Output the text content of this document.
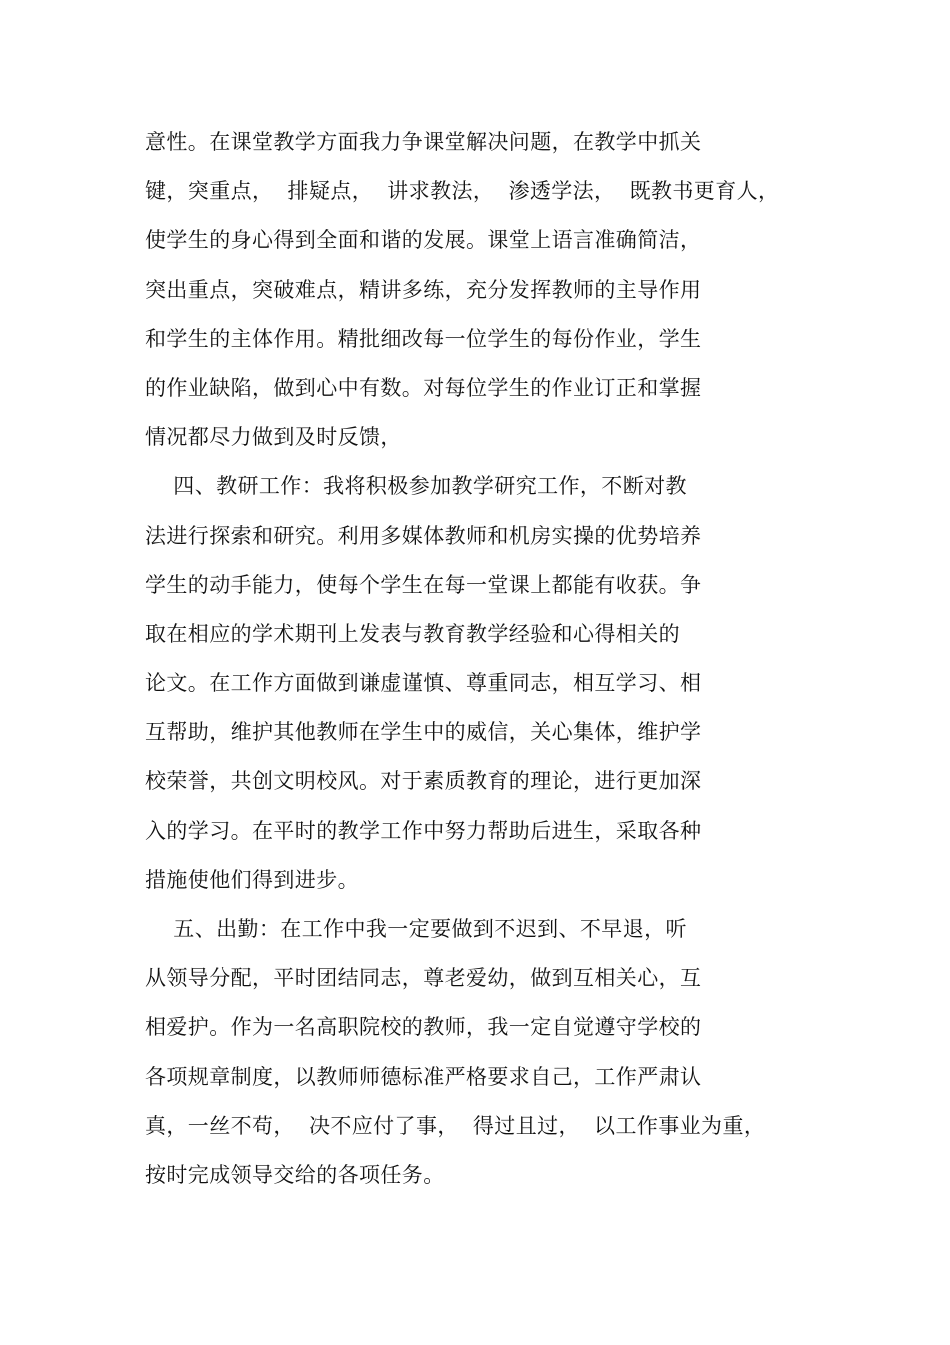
意性。在课堂教学方面我力争课堂解决问题，在教学中抓关
键，突重点，  排疑点，  讲求教法，  渗透学法，  既教书更育人，
使学生的身心得到全面和谐的发展。课堂上语言准确简洁，
突出重点，突破难点，精讲多练，充分发挥教师的主导作用
和学生的主体作用。精批细改每一位学生的每份作业，学生
的作业缺陷，做到心中有数。对每位学生的作业订正和掌握
情况都尽力做到及时反馈，
四、教研工作：我将积极参加教学研究工作，不断对教
法进行探索和研究。利用多媒体教师和机房实操的优势培养
学生的动手能力，使每个学生在每一堂课上都能有收获。争
取在相应的学术期刊上发表与教育教学经验和心得相关的
论文。在工作方面做到谦虚谨慎、尊重同志，相互学习、相
互帮助，维护其他教师在学生中的威信，关心集体，维护学
校荣誉，共创文明校风。对于素质教育的理论，进行更加深
入的学习。在平时的教学工作中努力帮助后进生，采取各种
措施使他们得到进步。
五、出勤：在工作中我一定要做到不迟到、不早退，听
从领导分配，平时团结同志，尊老爱幼，做到互相关心，互
相爱护。作为一名高职院校的教师，我一定自觉遵守学校的
各项规章制度，以教师师德标准严格要求自己，工作严肃认
真，一丝不苟，  决不应付了事，  得过且过，  以工作事业为重，
按时完成领导交给的各项任务。
